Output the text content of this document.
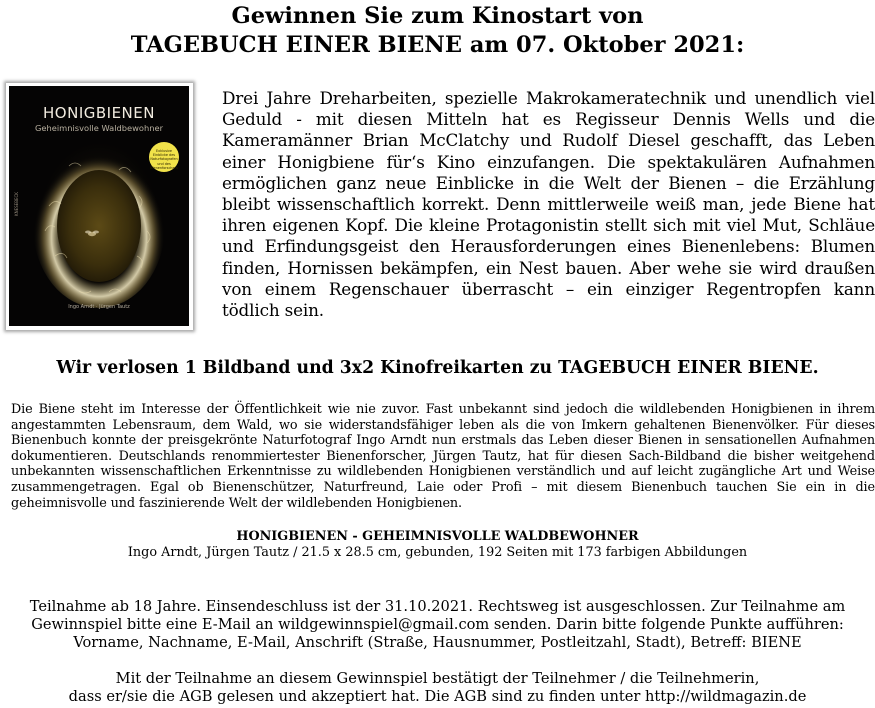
Gewinnen Sie zum Kinostart von
TAGEBUCH EINER BIENE am 07. Oktober 2021:
HONIGBIENEN
Geheimnisvolle Waldbewohner
Exklusive Einblicke des Naturfotografen und des Bienenforschers
KNESEBECK
Ingo Arndt · Jürgen Tautz
Drei Jahre Dreharbeiten, spezielle Makrokameratechnik und unendlich viel
Geduld - mit diesen Mitteln hat es Regisseur Dennis Wells und die
Kameramänner Brian McClatchy und Rudolf Diesel geschafft, das Leben
einer Honigbiene für‘s Kino einzufangen. Die spektakulären Aufnahmen
ermöglichen ganz neue Einblicke in die Welt der Bienen – die Erzählung
bleibt wissenschaftlich korrekt. Denn mittlerweile weiß man, jede Biene hat
ihren eigenen Kopf. Die kleine Protagonistin stellt sich mit viel Mut, Schläue
und Erfindungsgeist den Herausforderungen eines Bienenlebens: Blumen
finden, Hornissen bekämpfen, ein Nest bauen. Aber wehe sie wird draußen
von einem Regenschauer überrascht – ein einziger Regentropfen kann
tödlich sein.
Wir verlosen 1 Bildband und 3x2 Kinofreikarten zu TAGEBUCH EINER BIENE.
Die Biene steht im Interesse der Öffentlichkeit wie nie zuvor. Fast unbekannt sind jedoch die wildlebenden Honigbienen in ihrem
angestammten Lebensraum, dem Wald, wo sie widerstandsfähiger leben als die von Imkern gehaltenen Bienenvölker. Für dieses
Bienenbuch konnte der preisgekrönte Naturfotograf Ingo Arndt nun erstmals das Leben dieser Bienen in sensationellen Aufnahmen
dokumentieren. Deutschlands renommiertester Bienenforscher, Jürgen Tautz, hat für diesen Sach-Bildband die bisher weitgehend
unbekannten wissenschaftlichen Erkenntnisse zu wildlebenden Honigbienen verständlich und auf leicht zugängliche Art und Weise
zusammengetragen. Egal ob Bienenschützer, Naturfreund, Laie oder Profi – mit diesem Bienenbuch tauchen Sie ein in die
geheimnisvolle und faszinierende Welt der wildlebenden Honigbienen.
HONIGBIENEN - GEHEIMNISVOLLE WALDBEWOHNER
Ingo Arndt, Jürgen Tautz / 21.5 x 28.5 cm, gebunden, 192 Seiten mit 173 farbigen Abbildungen
Teilnahme ab 18 Jahre. Einsendeschluss ist der 31.10.2021. Rechtsweg ist ausgeschlossen. Zur Teilnahme am
Gewinnspiel bitte eine E-Mail an wildgewinnspiel@gmail.com senden. Darin bitte folgende Punkte aufführen:
Vorname, Nachname, E-Mail, Anschrift (Straße, Hausnummer, Postleitzahl, Stadt), Betreff: BIENE
Mit der Teilnahme an diesem Gewinnspiel bestätigt der Teilnehmer / die Teilnehmerin,
dass er/sie die AGB gelesen und akzeptiert hat. Die AGB sind zu finden unter http://wildmagazin.de
